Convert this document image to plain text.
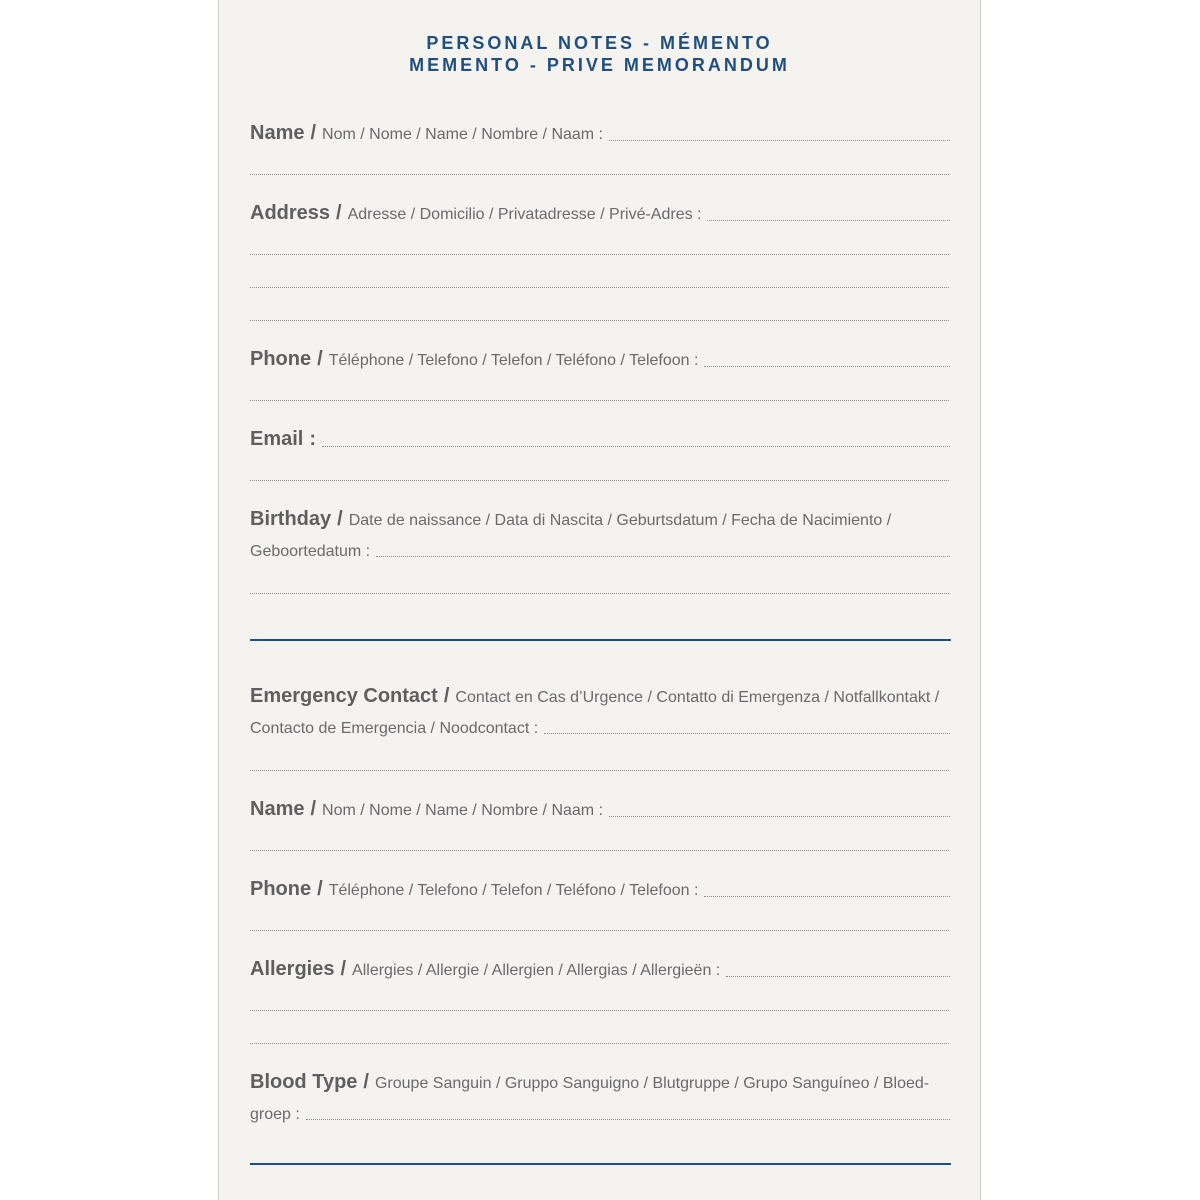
PERSONAL NOTES - MÉMENTO
MEMENTO - PRIVE MEMORANDUM
Name / Nom / Nome / Name / Nombre / Naam :
Address / Adresse / Domicilio / Privatadresse / Privé-Adres :
Phone / Téléphone / Telefono / Telefon / Teléfono / Telefoon :
Email :
Birthday / Date de naissance / Data di Nascita / Geburtsdatum / Fecha de Nacimiento /
Geboortedatum :
Emergency Contact / Contact en Cas d’Urgence / Contatto di Emergenza / Notfallkontakt /
Contacto de Emergencia / Noodcontact :
Name / Nom / Nome / Name / Nombre / Naam :
Phone / Téléphone / Telefono / Telefon / Teléfono / Telefoon :
Allergies / Allergies / Allergie / Allergien / Allergias / Allergieën :
Blood Type / Groupe Sanguin / Gruppo Sanguigno / Blutgruppe / Grupo Sanguíneo / Bloed-
groep :
